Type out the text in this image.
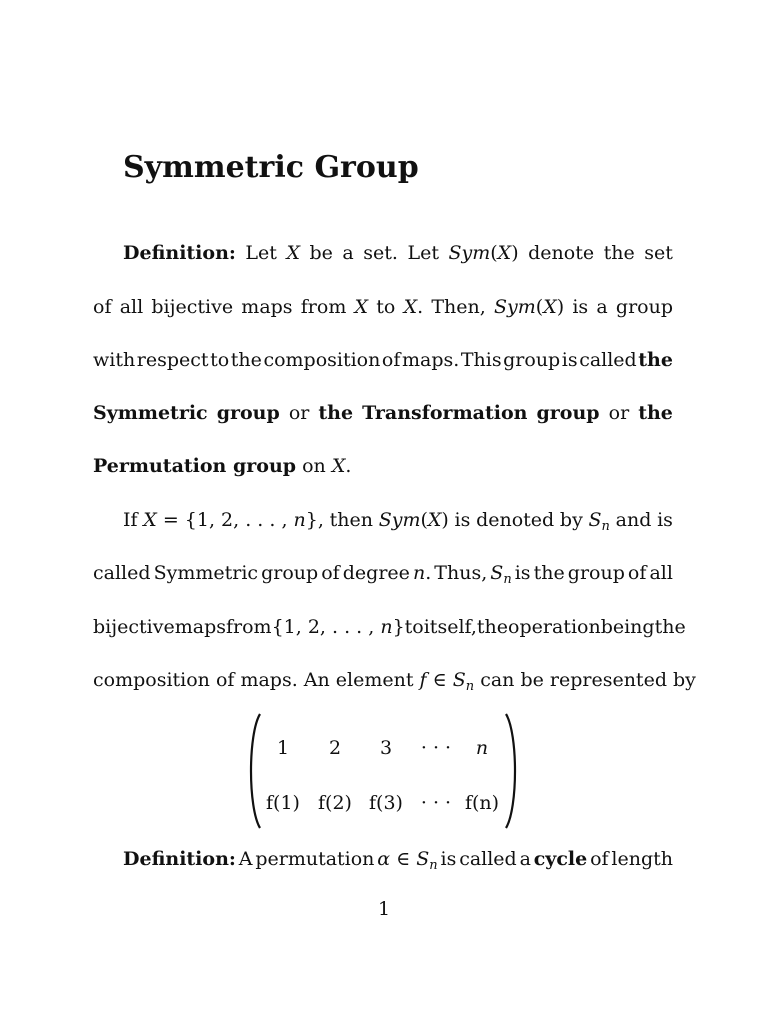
Symmetric Group
Definition: Let X be a set. Let Sym(X) denote the set
of all bijective maps from X to X. Then, Sym(X) is a group
with respect to the composition of maps. This group is called the
Symmetric group or the Transformation group or the
Permutation group on X.
If X = {1, 2, . . . , n}, then Sym(X) is denoted by $S_n$ and is
called Symmetric group of degree n. Thus, $S_n$ is the group of all
bijective maps from {1, 2, . . . , n} to itself, the operation being the
composition of maps. An element f ∈ $S_n$ can be represented by
1 2 3 · · · n
f(1) f(2) f(3) · · · f(n)
Definition: A permutation α ∈ $S_n$ is called a cycle of length
1
